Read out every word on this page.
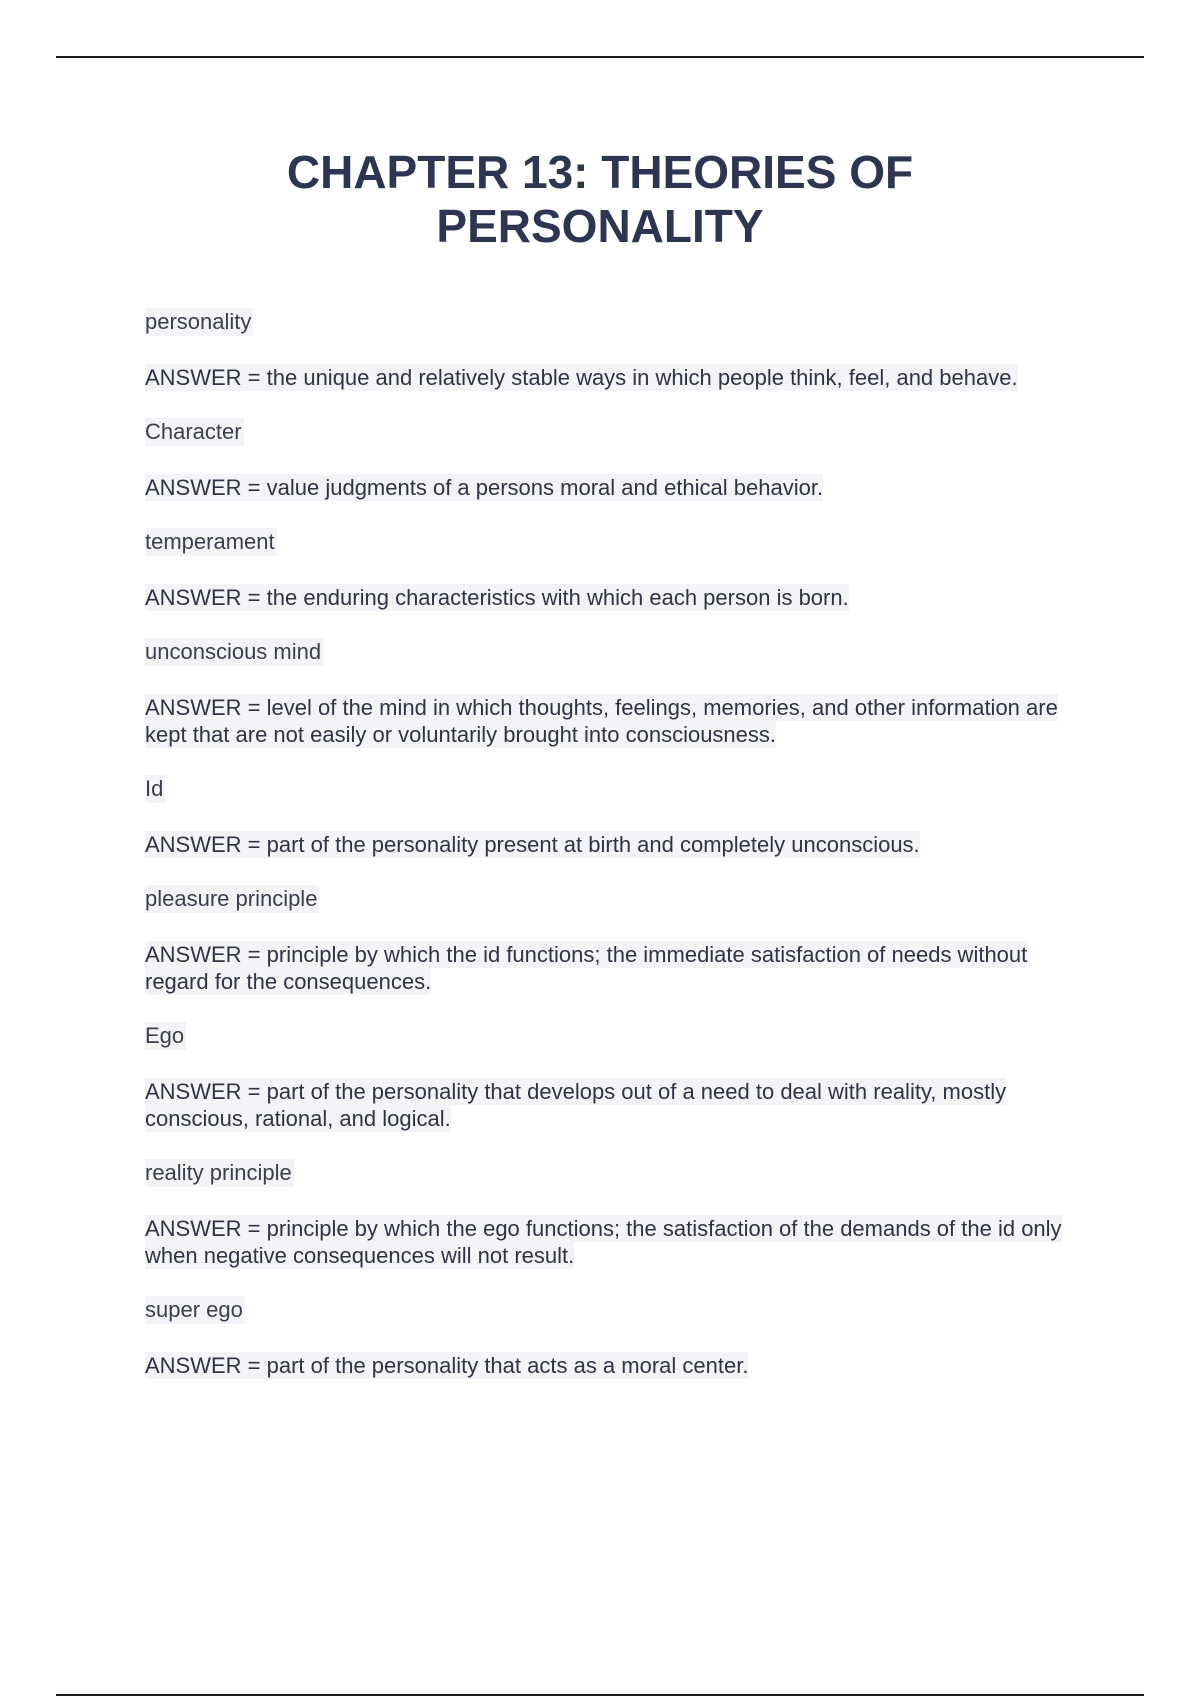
CHAPTER 13: THEORIES OF
PERSONALITY
personality

ANSWER = the unique and relatively stable ways in which people think, feel, and behave.

Character

ANSWER = value judgments of a persons moral and ethical behavior.

temperament

ANSWER = the enduring characteristics with which each person is born.

unconscious mind

ANSWER = level of the mind in which thoughts, feelings, memories, and other information are kept that are not easily or voluntarily brought into consciousness.

Id

ANSWER = part of the personality present at birth and completely unconscious.

pleasure principle

ANSWER = principle by which the id functions; the immediate satisfaction of needs without regard for the consequences.

Ego

ANSWER = part of the personality that develops out of a need to deal with reality, mostly conscious, rational, and logical.

reality principle

ANSWER = principle by which the ego functions; the satisfaction of the demands of the id only when negative consequences will not result.

super ego

ANSWER = part of the personality that acts as a moral center.
